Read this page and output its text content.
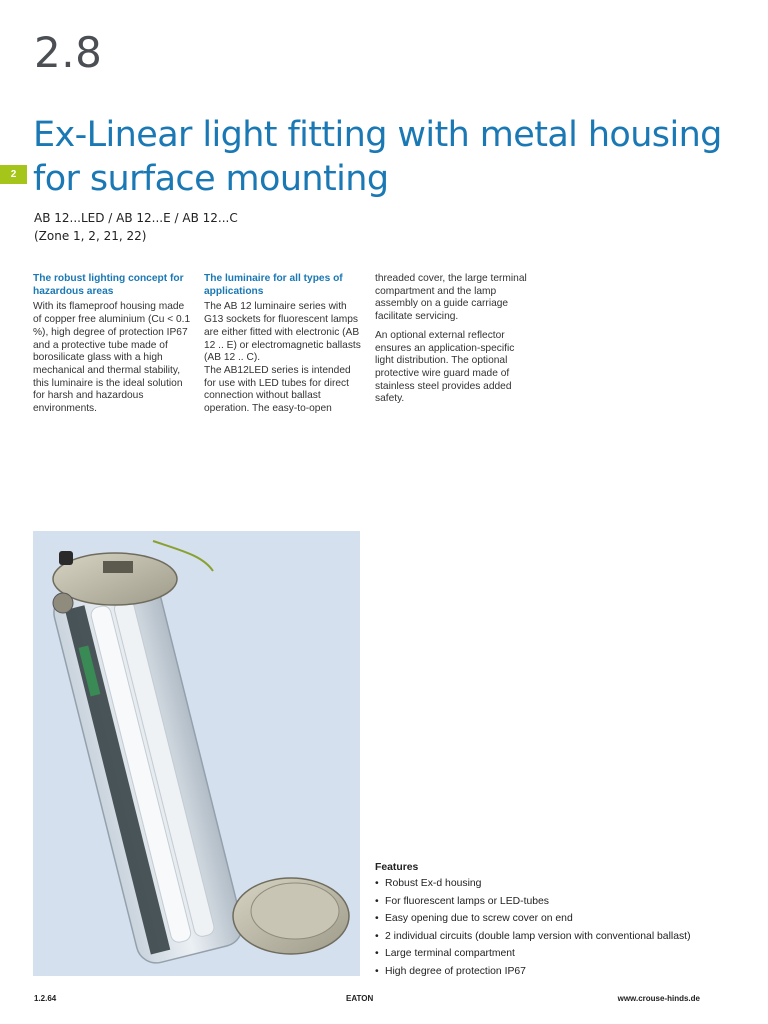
2.8
2
Ex-Linear light fitting with metal housing
for surface mounting
AB 12...LED / AB 12...E / AB 12...C
(Zone 1, 2, 21, 22)
The robust lighting concept for hazardous areas

With its flameproof housing made of copper free aluminium (Cu < 0.1 %), high degree of protection IP67 and a protective tube made of borosilicate glass with a high mechanical and thermal stability, this luminaire is the ideal solution for harsh and hazardous environments.

The luminaire for all types of applications

The AB 12 luminaire series with G13 sockets for fluorescent lamps are either fitted with electronic (AB 12 .. E) or electromagnetic ballasts (AB 12 .. C).

The AB12LED series is intended for use with LED tubes for direct connection without ballast operation. The easy-to-open

threaded cover, the large terminal compartment and the lamp assembly on a guide carriage facilitate servicing.

An optional external reflector ensures an application-specific light distribution. The optional protective wire guard made of stainless steel provides added safety.

Features
• Robust Ex-d housing
• For fluorescent lamps or LED-tubes
• Easy opening due to screw cover on end
• 2 individual circuits (double lamp version with conventional ballast)
• Large terminal compartment
• High degree of protection IP67
1.2.64	EATON	www.crouse-hinds.de
